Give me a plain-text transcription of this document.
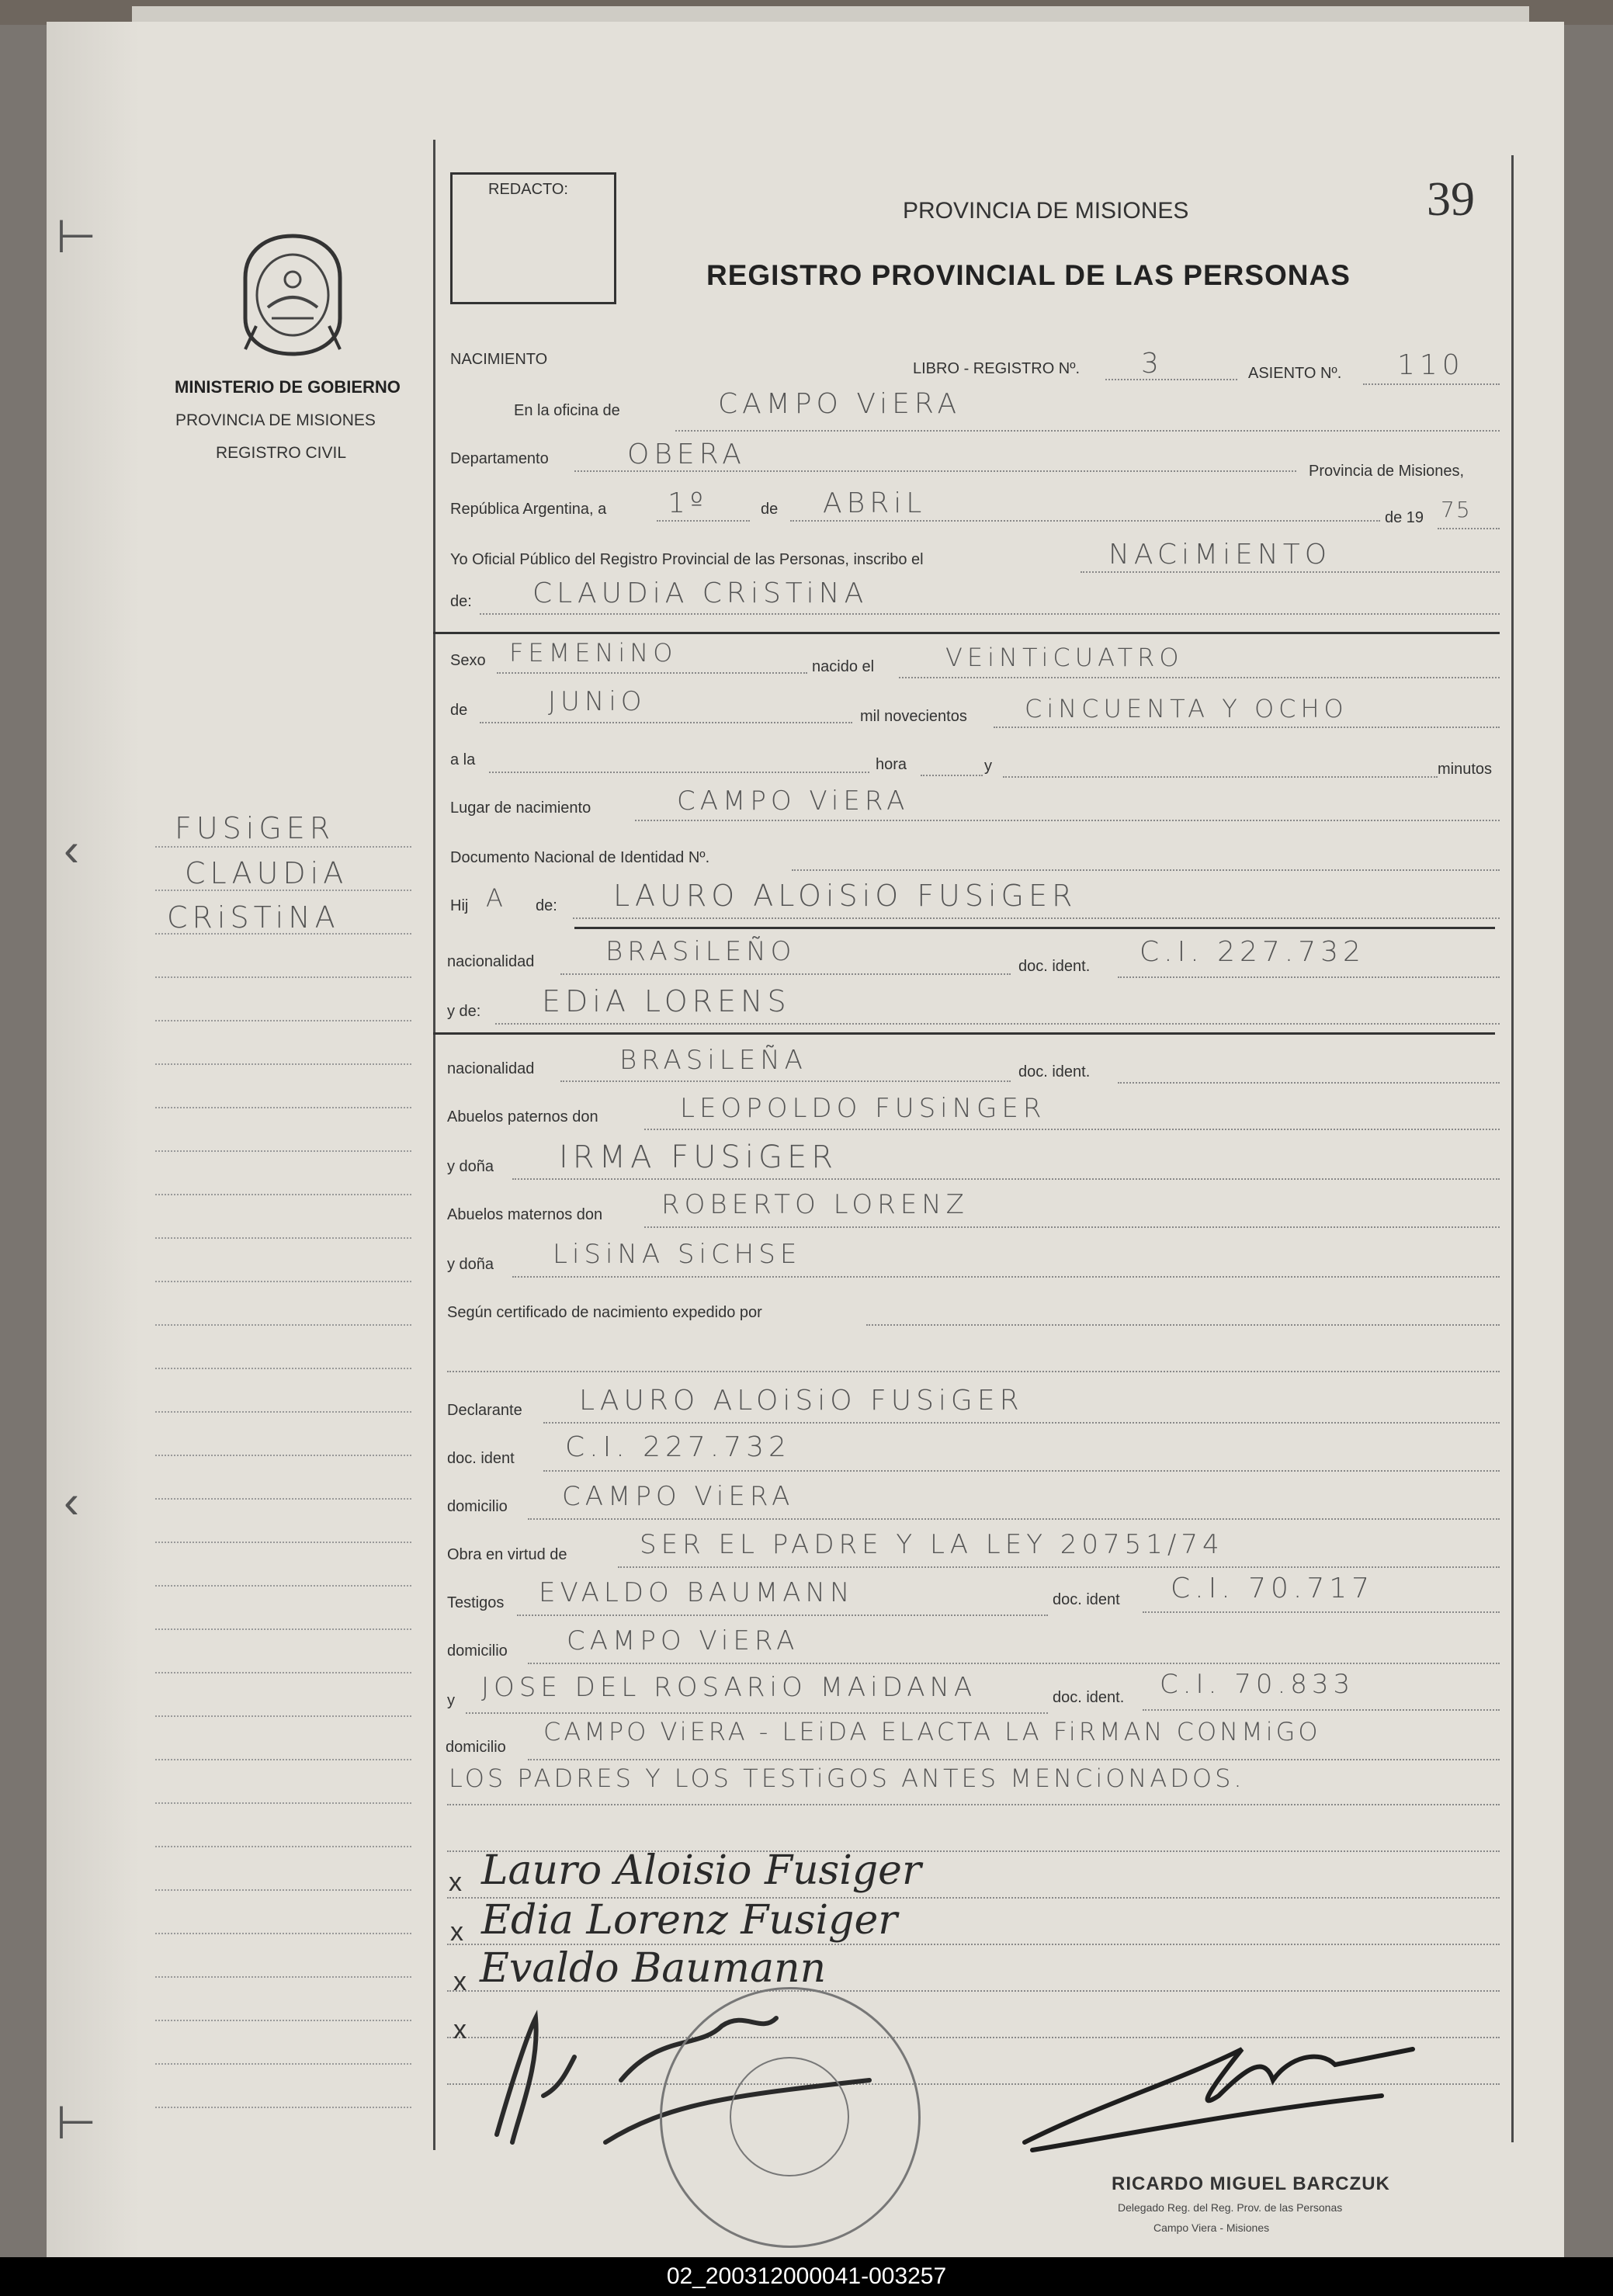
⊢
‹
‹
⊢
MINISTERIO DE GOBIERNO
PROVINCIA DE MISIONES
REGISTRO CIVIL
FUSiGER
CLAUDiA
CRiSTiNA
REDACTO:
PROVINCIA DE MISIONES	39
REGISTRO PROVINCIAL DE LAS PERSONAS
NACIMIENTO
LIBRO - REGISTRO Nº. 3	ASIENTO Nº. 110
En la oficina de	CAMPO ViERA
Departamento	OBERA
Provincia de Misiones,
República Argentina, a 1º	de ABRiL	de 19 75
Yo Oficial Público del Registro Provincial de las Personas, inscribo el	NACiMiENTO
de: CLAUDiA CRiSTiNA
Sexo FEMENiNO	nacido el	VEiNTiCUATRO
de	JUNiO	mil novecientos CiNCUENTA Y OCHO
a la	hora	y	minutos
Lugar de nacimiento	CAMPO ViERA
Documento Nacional de Identidad Nº.
Hij A de: LAURO ALOiSiO FUSiGER
nacionalidad	BRASiLEÑO	doc. ident. C.I. 227.732
y de: EDiA LORENS
nacionalidad	BRASiLEÑA	doc. ident.
Abuelos paternos don	LEOPOLDO FUSiNGER
y doña IRMA FUSiGER
Abuelos maternos don ROBERTO LORENZ
y doña LiSiNA SiCHSE
Según certificado de nacimiento expedido por
Declarante LAURO ALOiSiO FUSiGER
doc. ident C.I. 227.732
domicilio CAMPO ViERA
Obra en virtud de	SER EL PADRE Y LA LEY 20751/74
Testigos EVALDO BAUMANN	doc. ident C.I. 70.717
domicilio CAMPO ViERA
y JOSE DEL ROSARiO MAiDANA	doc. ident. C.I. 70.833
domicilio
CAMPO ViERA - LEiDA ELACTA LA FiRMAN CONMiGO
LOS PADRES Y LOS TESTiGOS ANTES MENCiONADOS.
x Lauro Aloisio Fusiger
x Edia Lorenz Fusiger
x Evaldo Baumann
x
RICARDO MIGUEL BARCZUK
Delegado Reg. del Reg. Prov. de las Personas
Campo Viera - Misiones
02_200312000041-003257
